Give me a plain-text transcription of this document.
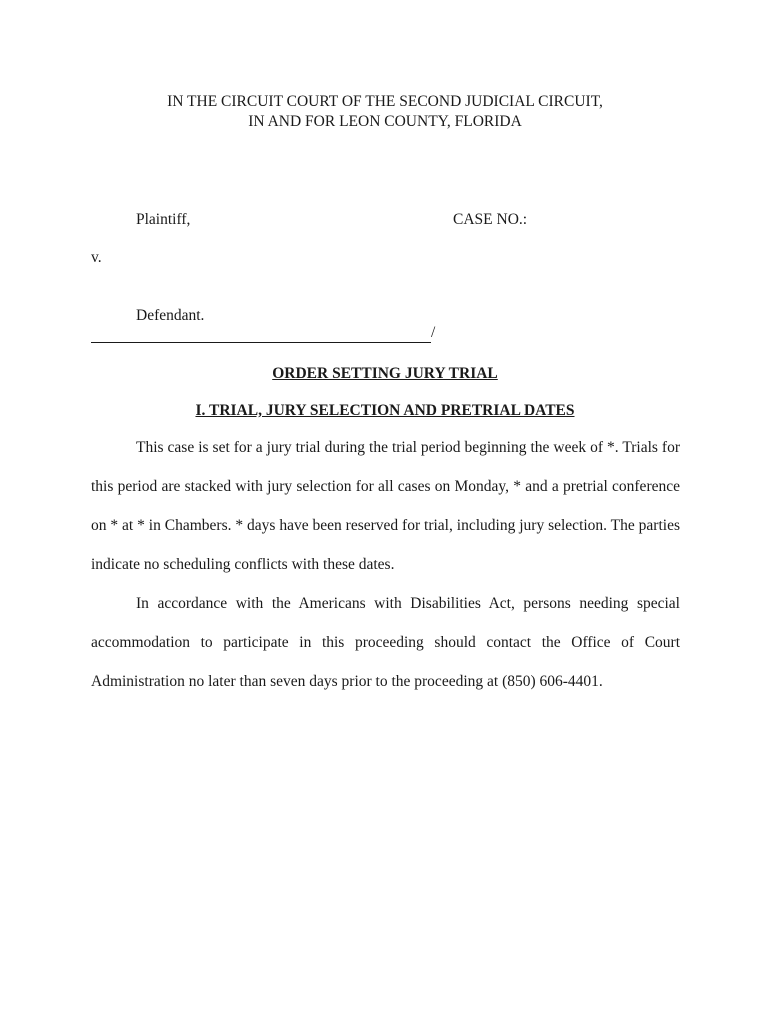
IN THE CIRCUIT COURT OF THE SECOND JUDICIAL CIRCUIT,
IN AND FOR LEON COUNTY, FLORIDA
Plaintiff,	CASE NO.:
v.
Defendant.
/
ORDER SETTING JURY TRIAL
I. TRIAL, JURY SELECTION AND PRETRIAL DATES

This case is set for a jury trial during the trial period beginning the week of *. Trials for this period are stacked with jury selection for all cases on Monday, * and a pretrial conference on * at * in Chambers. * days have been reserved for trial, including jury selection. The parties indicate no scheduling conflicts with these dates.

In accordance with the Americans with Disabilities Act, persons needing special accommodation to participate in this proceeding should contact the Office of Court Administration no later than seven days prior to the proceeding at (850) 606-4401.
